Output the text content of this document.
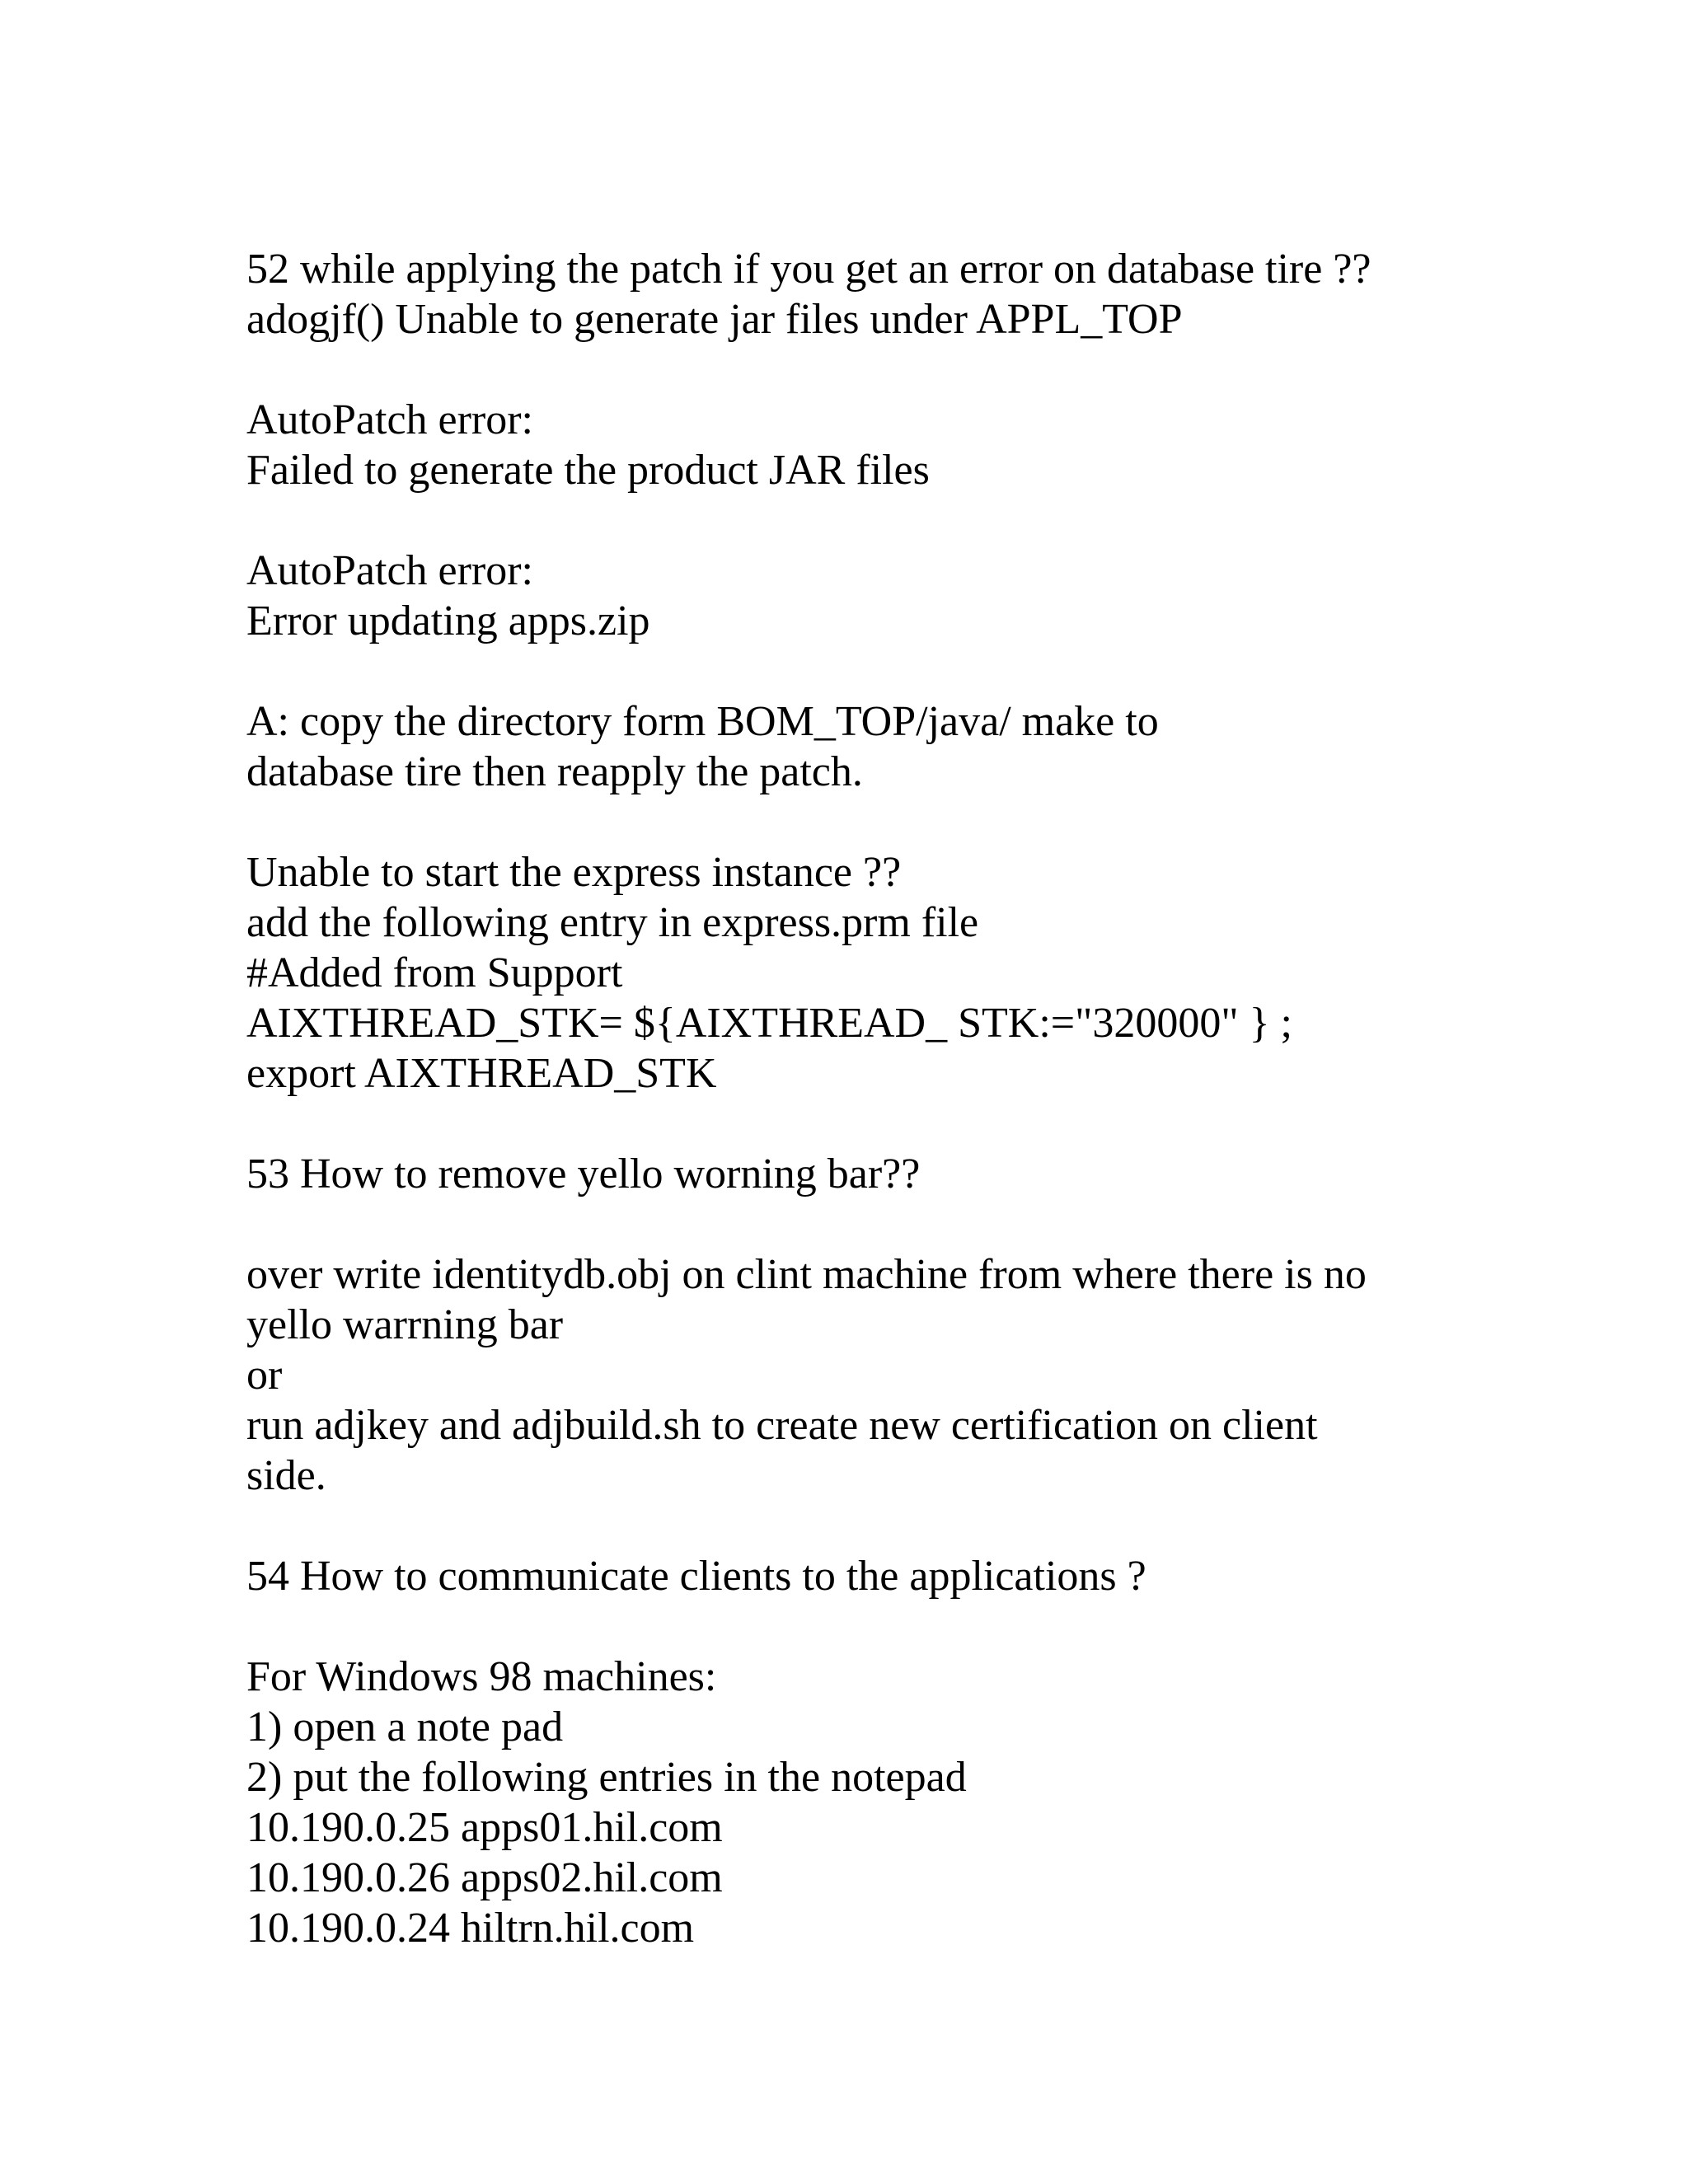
52 while applying the patch if you get an error on database tire ??
adogjf() Unable to generate jar files under APPL_TOP
AutoPatch error:
Failed to generate the product JAR files
AutoPatch error:
Error updating apps.zip
A: copy the directory form BOM_TOP/java/ make to
database tire then reapply the patch.
Unable to start the express instance ??
add the following entry in express.prm file
#Added from Support
AIXTHREAD_STK= ${AIXTHREAD_ STK:="320000" } ;
export AIXTHREAD_STK
53 How to remove yello worning bar??
over write identitydb.obj on clint machine from where there is no
yello warrning bar
or
run adjkey and adjbuild.sh to create new certification on client
side.
54 How to communicate clients to the applications ?
For Windows 98 machines:
1) open a note pad
2) put the following entries in the notepad
10.190.0.25 apps01.hil.com
10.190.0.26 apps02.hil.com
10.190.0.24 hiltrn.hil.com
